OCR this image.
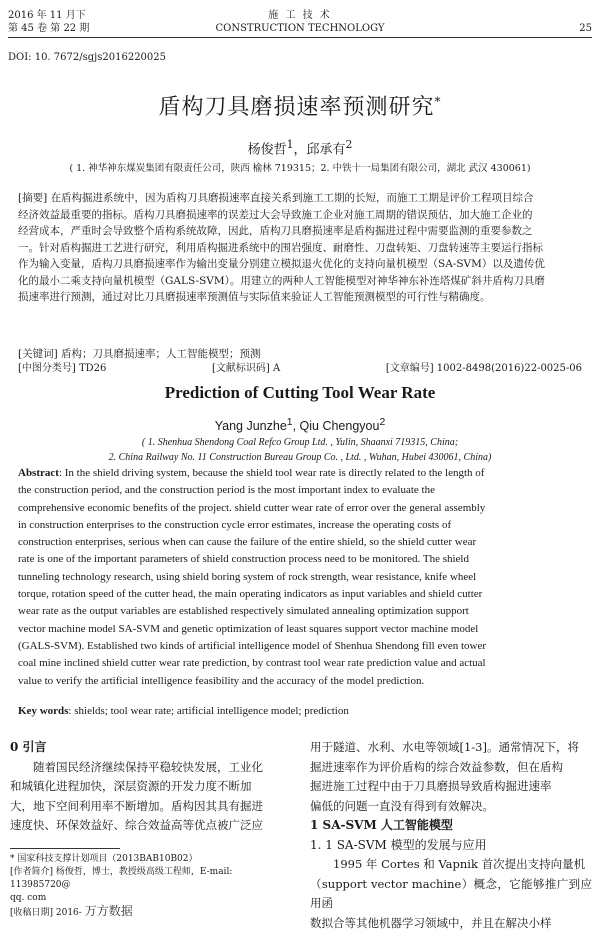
2016 年 11 月下
第 45 卷 第 22 期
施 工 技 术
CONSTRUCTION TECHNOLOGY	25
DOI: 10. 7672/sgjs2016220025
盾构刀具磨损速率预测研究*
杨俊哲$^1$，邱承有$^2$
( 1. 神华神东煤炭集团有限责任公司，陕西 榆林 719315；2. 中铁十一局集团有限公司，湖北 武汉 430061)
[摘要] 在盾构掘进系统中，因为盾构刀具磨损速率直接关系到施工工期的长短，而施工工期是评价工程项目综合
经济效益最重要的指标。盾构刀具磨损速率的误差过大会导致施工企业对施工周期的错误预估，加大施工企业的
经营成本，严重时会导致整个盾构系统故障，因此，盾构刀具磨损速率是盾构掘进过程中需要监测的重要参数之
一。针对盾构掘进工艺进行研究，利用盾构掘进系统中的围岩强度、耐磨性、刀盘转矩、刀盘转速等主要运行指标
作为输入变量，盾构刀具磨损速率作为输出变量分别建立模拟退火优化的支持向量机模型（SA-SVM）以及遗传优
化的最小二乘支持向量机模型（GALS-SVM）。用建立的两种人工智能模型对神华神东补连塔煤矿斜井盾构刀具磨
损速率进行预测，通过对比刀具磨损速率预测值与实际值来验证人工智能预测模型的可行性与精确度。
[关键词] 盾构；刀具磨损速率；人工智能模型；预测
[中图分类号] TD26	[文献标识码] A	[文章编号] 1002-8498(2016)22-0025-06
Prediction of Cutting Tool Wear Rate
Yang Junzhe$^1$, Qiu Chengyou$^2$
( 1. Shenhua Shendong Coal Refco Group Ltd. , Yulin, Shaanxi 719315, China;
2. China Railway No. 11 Construction Bureau Group Co. , Ltd. , Wuhan, Hubei 430061, China)
Abstract: In the shield driving system, because the shield tool wear rate is directly related to the length of
the construction period, and the construction period is the most important index to evaluate the
comprehensive economic benefits of the project. shield cutter wear rate of error over the general assembly
in construction enterprises to the construction cycle error estimates, increase the operating costs of
construction enterprises, serious when can cause the failure of the entire shield, so the shield cutter wear
rate is one of the important parameters of shield construction process need to be monitored. The shield
tunneling technology research, using shield boring system of rock strength, wear resistance, knife wheel
torque, rotation speed of the cutter head, the main operating indicators as input variables and shield cutter
wear rate as the output variables are established respectively simulated annealing optimization support
vector machine model SA-SVM and genetic optimization of least squares support vector machine model
(GALS-SVM). Established two kinds of artificial intelligence model of Shenhua Shendong fill even tower
coal mine inclined shield cutter wear rate prediction, by contrast tool wear rate prediction value and actual
value to verify the artificial intelligence feasibility and the accuracy of the model prediction.
Key words: shields; tool wear rate; artificial intelligence model; prediction
0 引言
随着国民经济继续保持平稳较快发展，工业化
和城镇化进程加快，深层资源的开发力度不断加
大，地下空间利用率不断增加。盾构因其具有掘进
速度快、环保效益好、综合效益高等优点被广泛应
* 国家科技支撑计划项目（2013BAB10B02）
[作者简介] 杨俊哲，博士，教授级高级工程师，E-mail: 113985720@
qq. com
[收稿日期] 2016- 万方数据
用于隧道、水利、水电等领域[1-3]。通常情况下，将
掘进速率作为评价盾构的综合效益参数，但在盾构
掘进施工过程中由于刀具磨损导致盾构掘进速率
偏低的问题一直没有得到有效解决。
1 SA-SVM 人工智能模型
1. 1 SA-SVM 模型的发展与应用
1995 年 Cortes 和 Vapnik 首次提出支持向量机
（support vector machine）概念，它能够推广到应用函
数拟合等其他机器学习领域中，并且在解决小样
